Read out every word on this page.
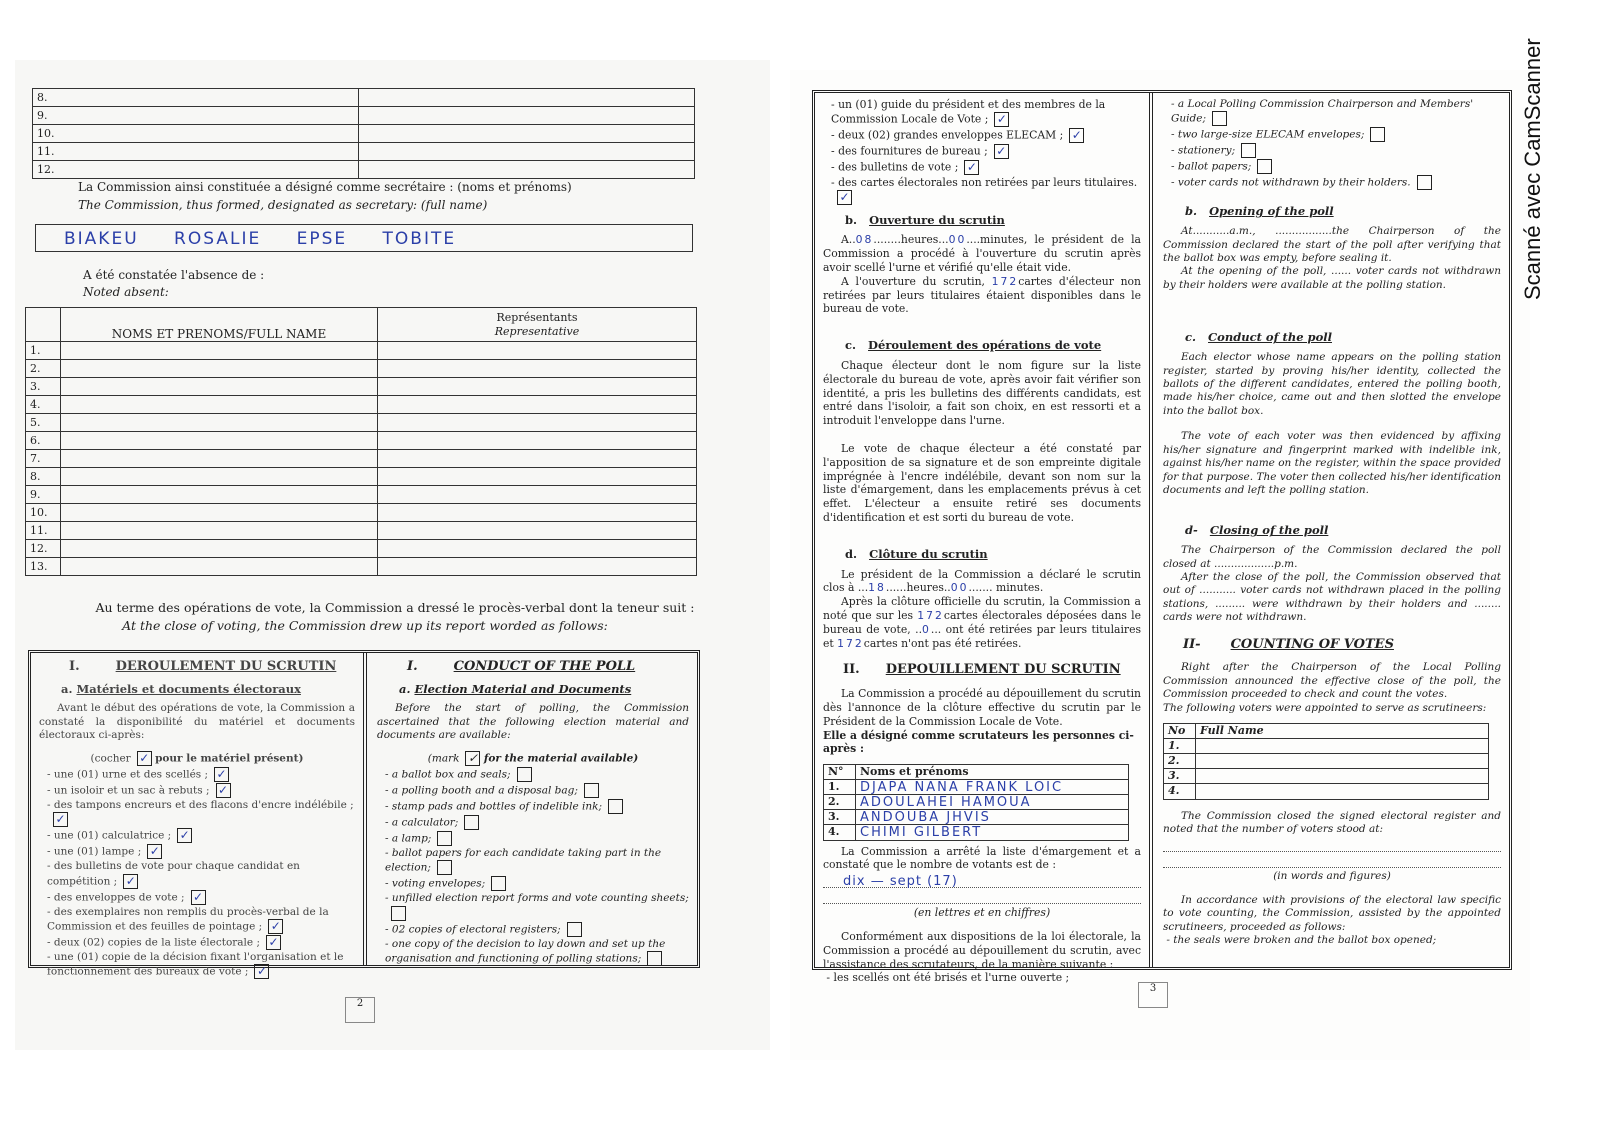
8.	
9.	
10.	
11.	
12.	
La Commission ainsi constituée a désigné comme secrétaire : (noms et prénoms)
The Commission, thus formed, designated as secretary: (full name)
BIAKEU ROSALIE EPSE TOBITE
A été constatée l'absence de :
Noted absent:
	NOMS ET PRENOMS/FULL NAME	Représentants
Representative
1.		
2.		
3.		
4.		
5.		
6.		
7.		
8.		
9.		
10.		
11.		
12.		
13.		
Au terme des opérations de vote, la Commission a dressé le procès-verbal dont la teneur suit :
At the close of voting, the Commission drew up its report worded as follows:
I.	DEROULEMENT DU SCRUTIN
a. Matériels et documents électoraux

Avant le début des opérations de vote, la Commission a constaté la disponibilité du matériel et documents électoraux ci-après:

(cocher ✓ pour le matériel présent)
- une (01) urne et des scellés ; ✓
- un isoloir et un sac à rebuts ; ✓
- des tampons encreurs et des flacons d'encre indélébile ;✓
- une (01) calculatrice ; ✓
- une (01) lampe ; ✓
- des bulletins de vote pour chaque candidat en compétition ; ✓
- des enveloppes de vote ; ✓
- des exemplaires non remplis du procès-verbal de la Commission et des feuilles de pointage ; ✓
- deux (02) copies de la liste électorale ; ✓
- une (01) copie de la décision fixant l'organisation et le fonctionnement des bureaux de vote ; ✓
I.	CONDUCT OF THE POLL
a. Election Material and Documents

Before the start of polling, the Commission ascertained that the following election material and documents are available:

(mark ✓ for the material available)
- a ballot box and seals;
- a polling booth and a disposal bag;
- stamp pads and bottles of indelible ink;
- a calculator;
- a lamp;
- ballot papers for each candidate taking part in the election;
- voting envelopes;
- unfilled election report forms and vote counting sheets;
- 02 copies of electoral registers;
- one copy of the decision to lay down and set up the organisation and functioning of polling stations;
2
- un (01) guide du président et des membres de la Commission Locale de Vote ; ✓
- deux (02) grandes enveloppes ELECAM ; ✓
- des fournitures de bureau ; ✓
- des bulletins de vote ; ✓
- des cartes électorales non retirées par leurs titulaires.✓
b. Ouverture du scrutin

A..08........heures...00....minutes, le président de la Commission a procédé à l'ouverture du scrutin après avoir scellé l'urne et vérifié qu'elle était vide.

A l'ouverture du scrutin, 172cartes d'électeur non retirées par leurs titulaires étaient disponibles dans le bureau de vote.

c. Déroulement des opérations de vote

Chaque électeur dont le nom figure sur la liste électorale du bureau de vote, après avoir fait vérifier son identité, a pris les bulletins des différents candidats, est entré dans l'isoloir, a fait son choix, en est ressorti et a introduit l'enveloppe dans l'urne.

Le vote de chaque électeur a été constaté par l'apposition de sa signature et de son empreinte digitale imprégnée à l'encre indélébile, devant son nom sur la liste d'émargement, dans les emplacements prévus à cet effet. L'électeur a ensuite retiré ses documents d'identification et est sorti du bureau de vote.

d. Clôture du scrutin

Le président de la Commission a déclaré le scrutin clos à ...18......heures..00....... minutes.

Après la clôture officielle du scrutin, la Commission a noté que sur les 172cartes électorales déposées dans le bureau de vote, ..0... ont été retirées par leurs titulaires et 172cartes n'ont pas été retirées.

II. DEPOUILLEMENT DU SCRUTIN

La Commission a procédé au dépouillement du scrutin dès l'annonce de la clôture effective du scrutin par le Président de la Commission Locale de Vote.

Elle a désigné comme scrutateurs les personnes ci-après :
N°	Noms et prénoms
1.	DJAPA NANA FRANK LOIC
2.	ADOULAHEI HAMOUA
3.	ANDOUBA JHVIS
4.	CHIMI GILBERT

La Commission a arrêté la liste d'émargement et a constaté que le nombre de votants est de :

dix — sept (17)
(en lettres et en chiffres)

Conformément aux dispositions de la loi électorale, la Commission a procédé au dépouillement du scrutin, avec l'assistance des scrutateurs, de la manière suivante :

- les scellés ont été brisés et l'urne ouverte ;
- a Local Polling Commission Chairperson and Members' Guide;
- two large-size ELECAM envelopes;
- stationery;
- ballot papers;
- voter cards not withdrawn by their holders.
b. Opening of the poll

At...........a.m., .................the Chairperson of the Commission declared the start of the poll after verifying that the ballot box was empty, before sealing it.

At the opening of the poll, ...... voter cards not withdrawn by their holders were available at the polling station.

c. Conduct of the poll

Each elector whose name appears on the polling station register, started by proving his/her identity, collected the ballots of the different candidates, entered the polling booth, made his/her choice, came out and then slotted the envelope into the ballot box.

The vote of each voter was then evidenced by affixing his/her signature and fingerprint marked with indelible ink, against his/her name on the register, within the space provided for that purpose. The voter then collected his/her identification documents and left the polling station.

d- Closing of the poll

The Chairperson of the Commission declared the poll closed at ..................p.m.

After the close of the poll, the Commission observed that out of ........... voter cards not withdrawn placed in the polling stations, ......... were withdrawn by their holders and ........ cards were not withdrawn.

II- COUNTING OF VOTES

Right after the Chairperson of the Local Polling Commission announced the effective close of the poll, the Commission proceeded to check and count the votes.

The following voters were appointed to serve as scrutineers:
No	Full Name
1.	
2.	
3.	
4.	

The Commission closed the signed electoral register and noted that the number of voters stood at:

(in words and figures)

In accordance with provisions of the electoral law specific to vote counting, the Commission, assisted by the appointed scrutineers, proceeded as follows:

- the seals were broken and the ballot box opened;
3
Scanné avec CamScanner
